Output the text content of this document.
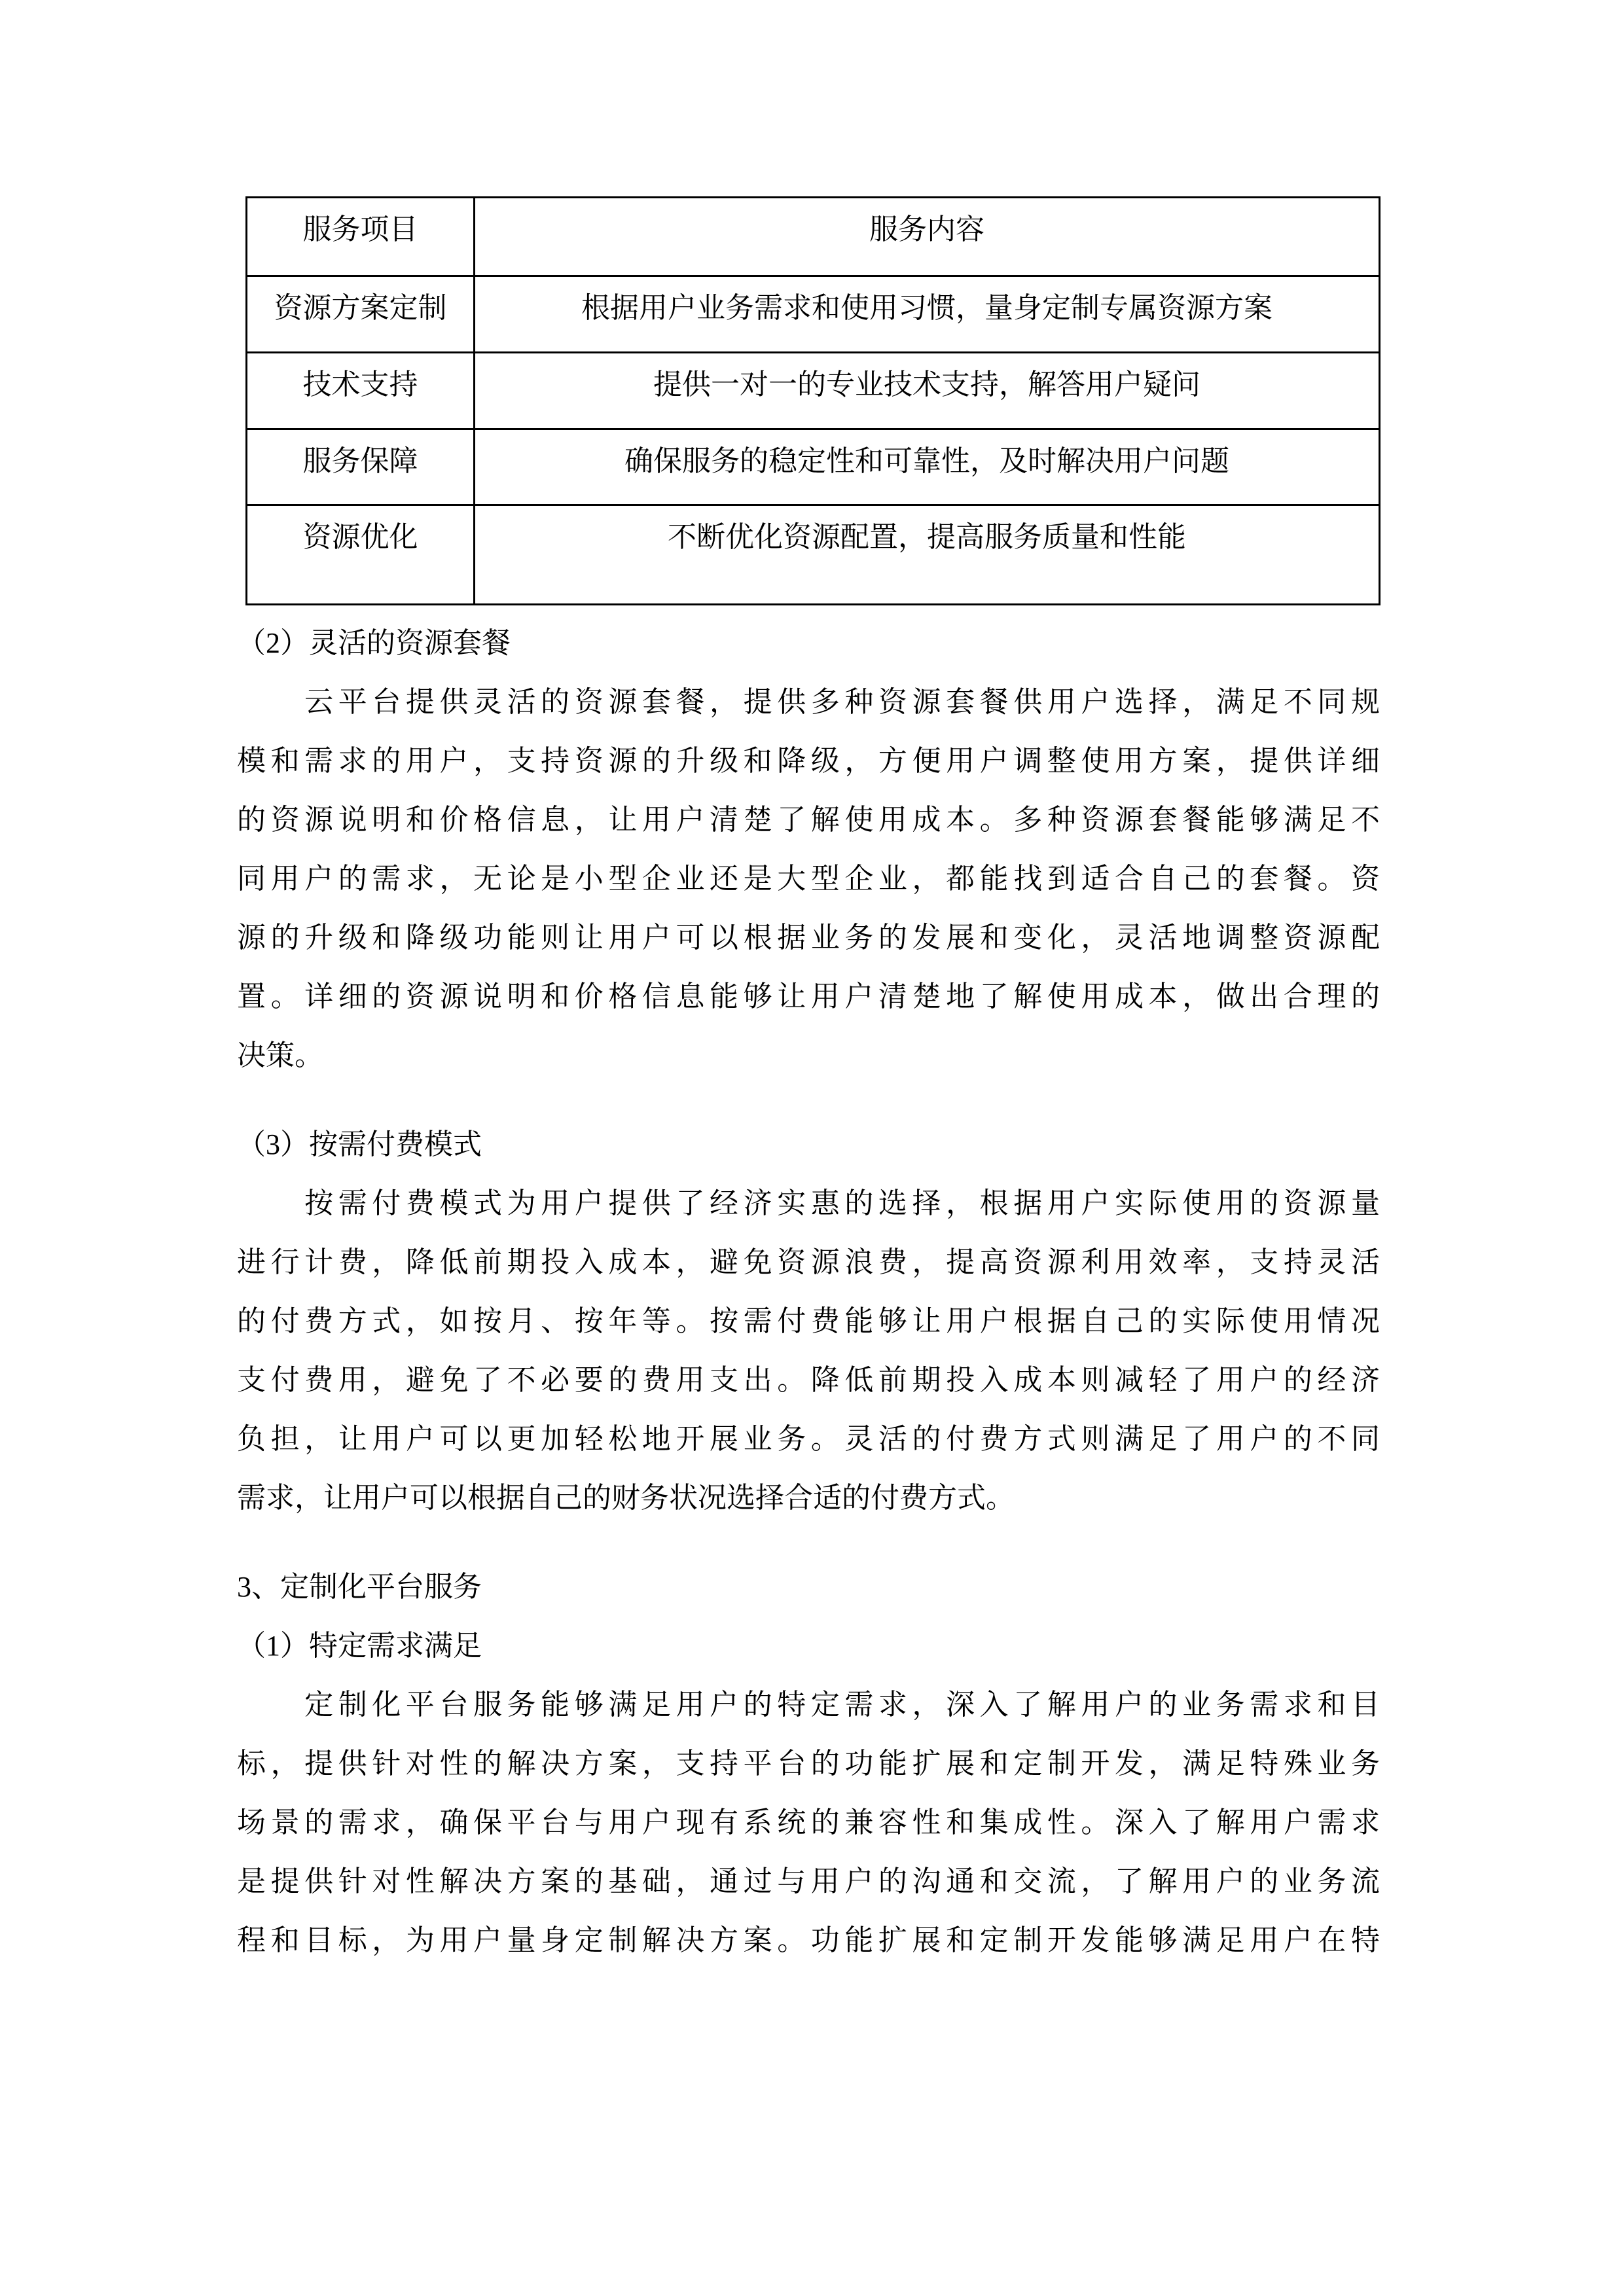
服务项目	服务内容
资源方案定制	根据用户业务需求和使用习惯，量身定制专属资源方案
技术支持	提供一对一的专业技术支持，解答用户疑问
服务保障	确保服务的稳定性和可靠性，及时解决用户问题
资源优化	不断优化资源配置，提高服务质量和性能
（2）灵活的资源套餐
　　云平台提供灵活的资源套餐，提供多种资源套餐供用户选择，满足不同规
模和需求的用户，支持资源的升级和降级，方便用户调整使用方案，提供详细
的资源说明和价格信息，让用户清楚了解使用成本。多种资源套餐能够满足不
同用户的需求，无论是小型企业还是大型企业，都能找到适合自己的套餐。资
源的升级和降级功能则让用户可以根据业务的发展和变化，灵活地调整资源配
置。详细的资源说明和价格信息能够让用户清楚地了解使用成本，做出合理的
决策。
（3）按需付费模式
　　按需付费模式为用户提供了经济实惠的选择，根据用户实际使用的资源量
进行计费，降低前期投入成本，避免资源浪费，提高资源利用效率，支持灵活
的付费方式，如按月、按年等。按需付费能够让用户根据自己的实际使用情况
支付费用，避免了不必要的费用支出。降低前期投入成本则减轻了用户的经济
负担，让用户可以更加轻松地开展业务。灵活的付费方式则满足了用户的不同
需求，让用户可以根据自己的财务状况选择合适的付费方式。
3、定制化平台服务
（1）特定需求满足
　　定制化平台服务能够满足用户的特定需求，深入了解用户的业务需求和目
标，提供针对性的解决方案，支持平台的功能扩展和定制开发，满足特殊业务
场景的需求，确保平台与用户现有系统的兼容性和集成性。深入了解用户需求
是提供针对性解决方案的基础，通过与用户的沟通和交流，了解用户的业务流
程和目标，为用户量身定制解决方案。功能扩展和定制开发能够满足用户在特
